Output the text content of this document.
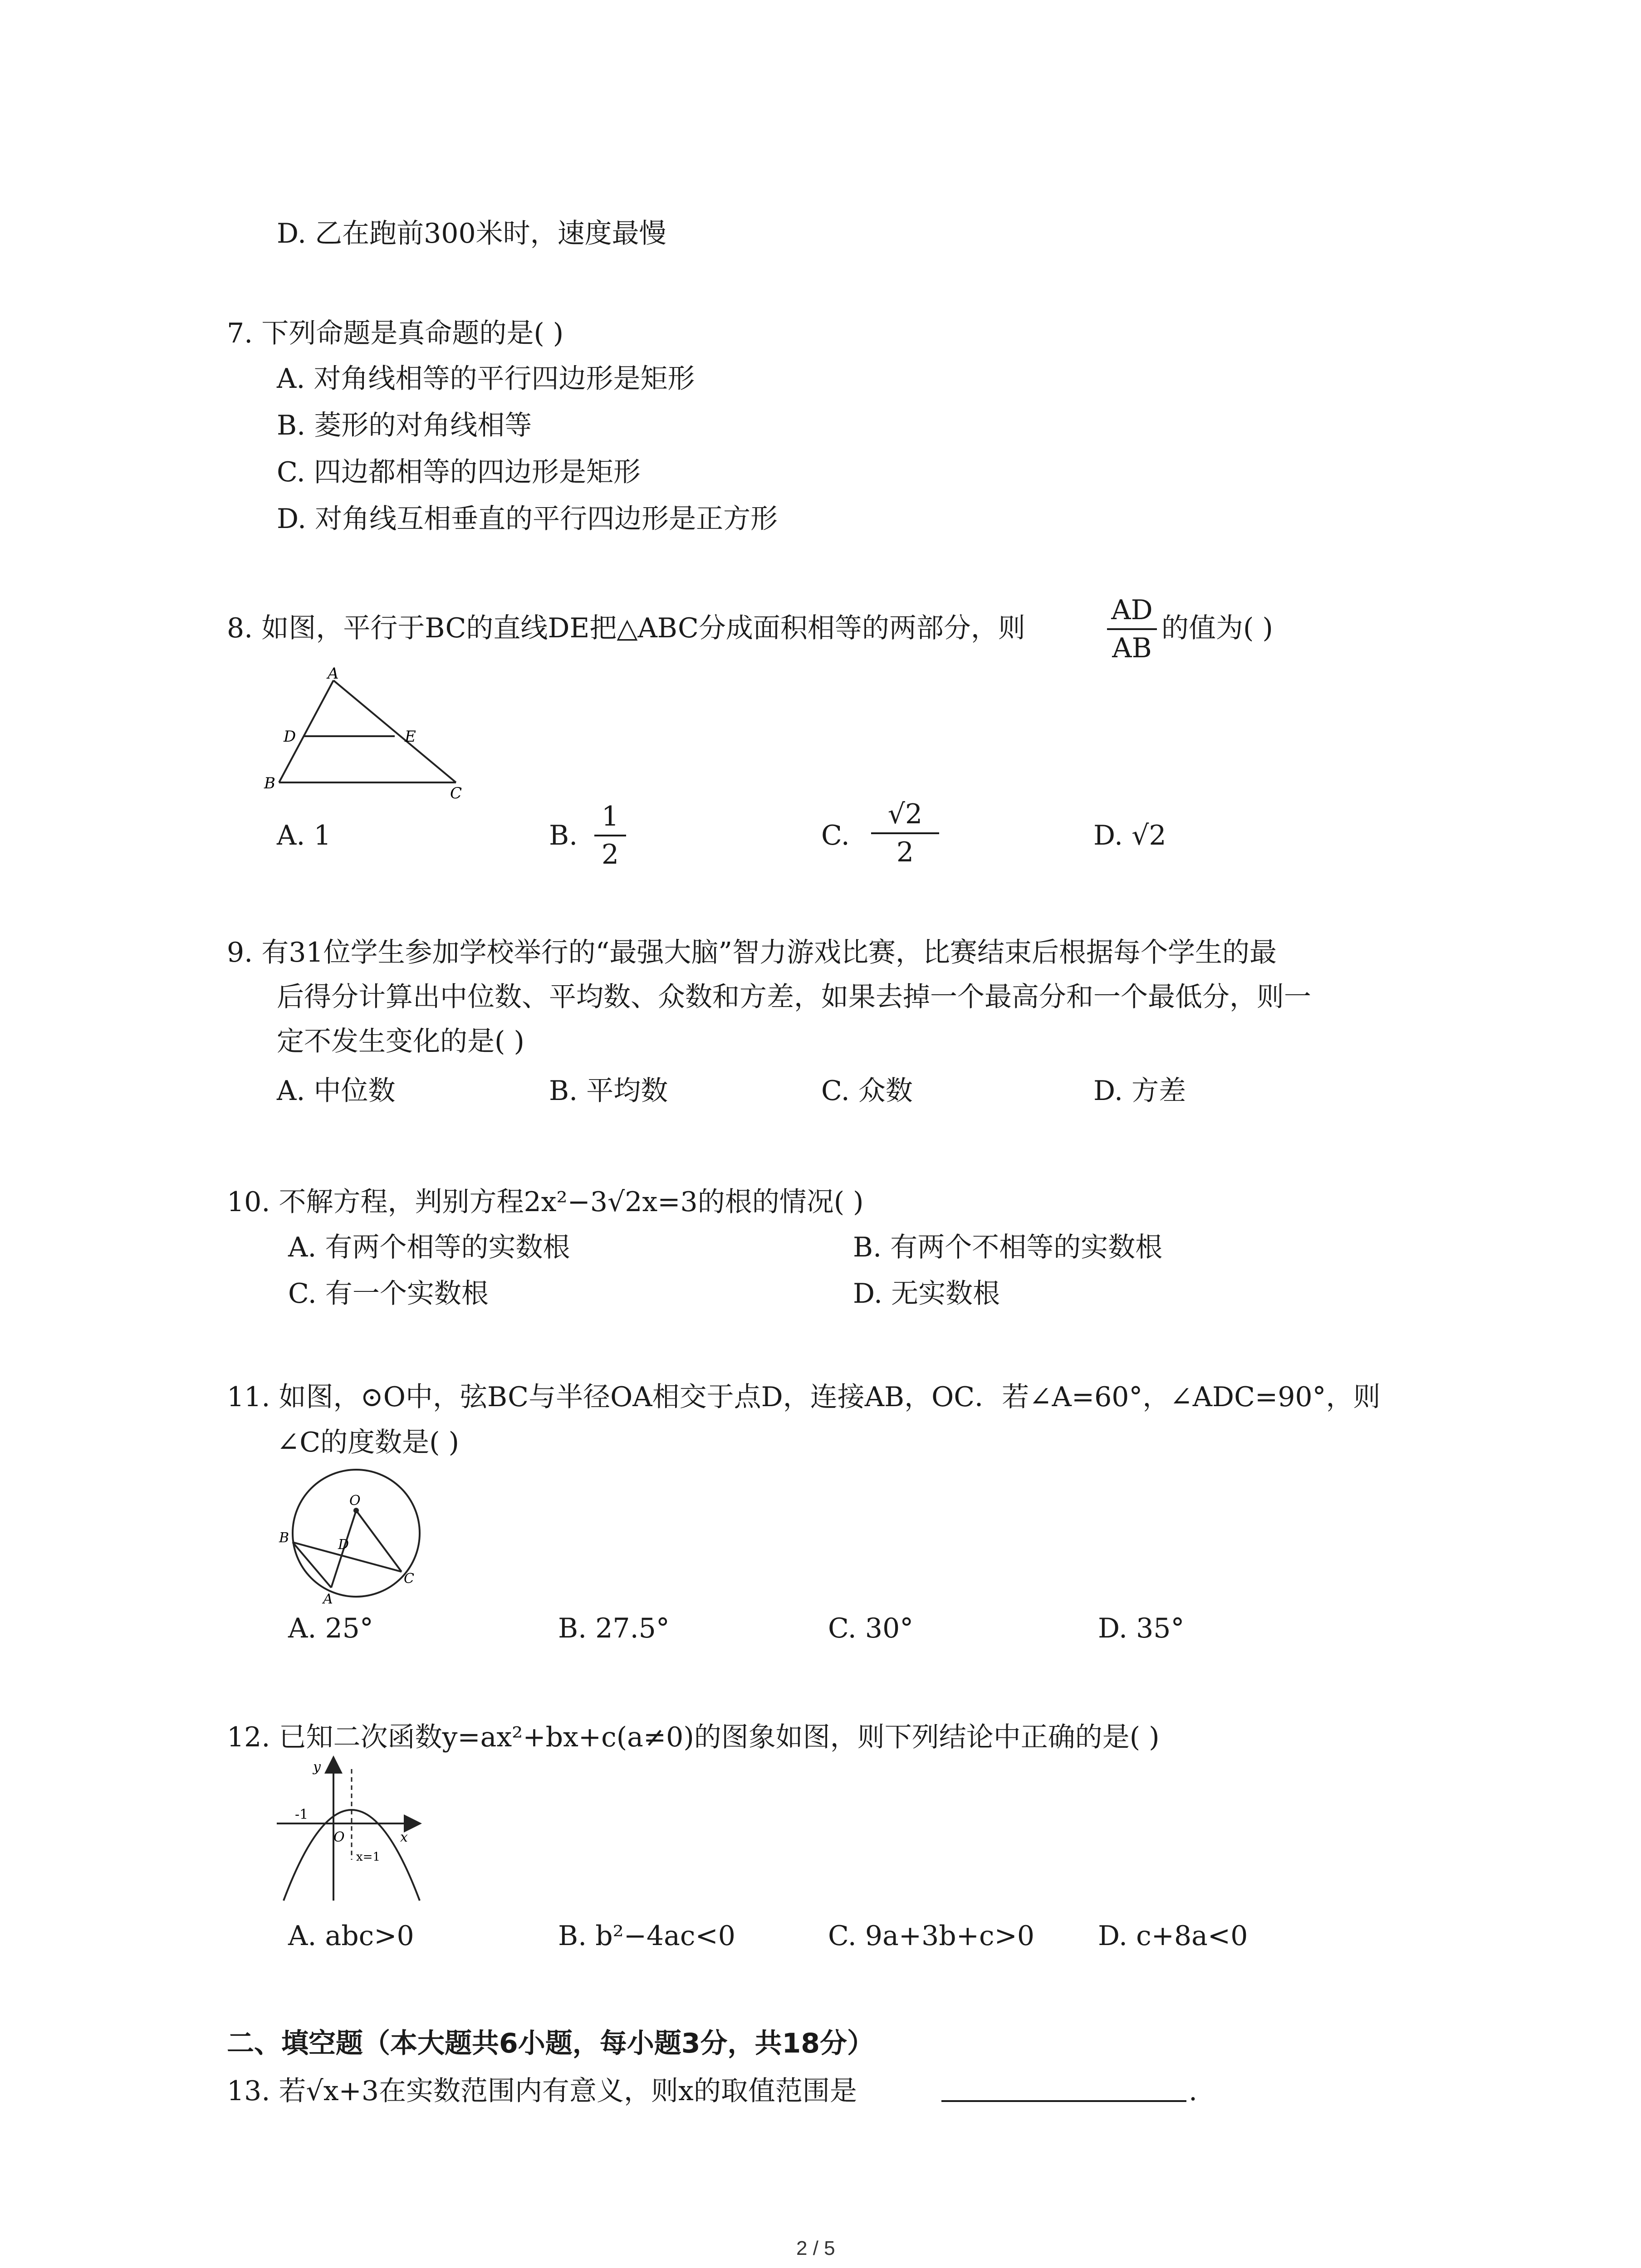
D. 乙在跑前300米时，速度最慢
7. 下列命题是真命题的是( )
A. 对角线相等的平行四边形是矩形
B. 菱形的对角线相等
C. 四边都相等的四边形是矩形
D. 对角线互相垂直的平行四边形是正方形
8. 如图，平行于BC的直线DE把△ABC分成面积相等的两部分，则
AD
AB
的值为( )
A
D	E
B
C
A. 1	B.
1
2
C.
√2
2
D. √2
9. 有31位学生参加学校举行的“最强大脑”智力游戏比赛，比赛结束后根据每个学生的最
后得分计算出中位数、平均数、众数和方差，如果去掉一个最高分和一个最低分，则一
定不发生变化的是( )
A. 中位数	B. 平均数	C. 众数	D. 方差
10. 不解方程，判别方程2x²−3√2x=3的根的情况( )
A. 有两个相等的实数根	B. 有两个不相等的实数根
C. 有一个实数根	D. 无实数根
11. 如图，⊙O中，弦BC与半径OA相交于点D，连接AB，OC．若∠A=60°，∠ADC=90°，则
∠C的度数是( )
O
B	D
A
C
A. 25°	B. 27.5°	C. 30°	D. 35°
12. 已知二次函数y=ax²+bx+c(a≠0)的图象如图，则下列结论中正确的是( )
y
-1
O	x
x=1
A. abc>0	B. b²−4ac<0	C. 9a+3b+c>0 D. c+8a<0
二、填空题（本大题共6小题，每小题3分，共18分）
13. 若√x+3在实数范围内有意义，则x的取值范围是	.
2 / 5
